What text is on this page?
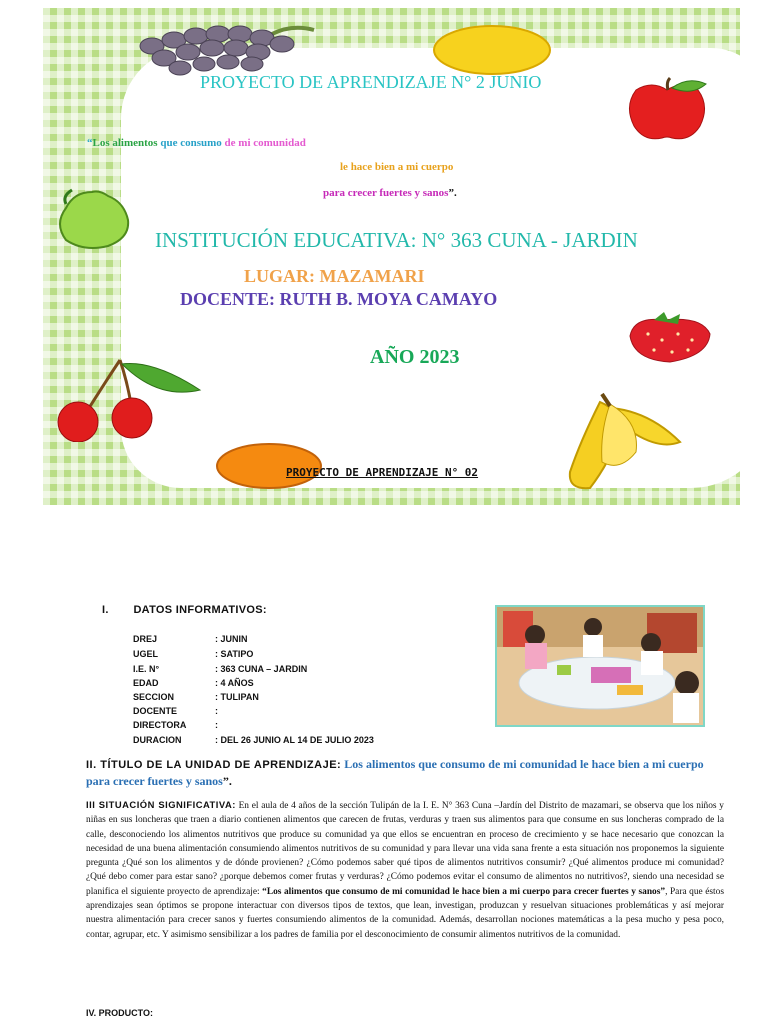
PROYECTO DE APRENDIZAJE N° 2 JUNIO
“Los alimentos que consumo de mi comunidad
le hace bien a mi cuerpo
para crecer fuertes y sanos”.
INSTITUCIÓN EDUCATIVA: N° 363 CUNA - JARDIN
LUGAR: MAZAMARI
DOCENTE: RUTH B. MOYA CAMAYO
AÑO 2023
PROYECTO DE APRENDIZAJE N° 02
I. DATOS INFORMATIVOS:
DREJ	: JUNIN
UGEL	: SATIPO
I.E. N°	: 363 CUNA – JARDIN
EDAD	: 4 AÑOS
SECCION	: TULIPAN
DOCENTE	:
DIRECTORA	:
DURACION	: DEL 26 JUNIO AL 14 DE JULIO 2023
II. TÍTULO DE LA UNIDAD DE APRENDIZAJE: Los alimentos que consumo de mi comunidad le hace bien a mi cuerpo para crecer fuertes y sanos”.
III SITUACIÓN SIGNIFICATIVA: En el aula de 4 años de la sección Tulipán de la I. E. N° 363 Cuna –Jardín del Distrito de mazamari, se observa que los niños y niñas en sus loncheras que traen a diario contienen alimentos que carecen de frutas, verduras y traen sus alimentos para que consume en sus loncheras comprado de la calle, desconociendo los alimentos nutritivos que produce su comunidad ya que ellos se encuentran en proceso de crecimiento y se hace necesario que conozcan la necesidad de una buena alimentación consumiendo alimentos nutritivos de su comunidad y para llevar una vida sana frente a esta situación nos proponemos la siguiente pregunta ¿Qué son los alimentos y de dónde provienen? ¿Cómo podemos saber qué tipos de alimentos nutritivos consumir? ¿Qué alimentos produce mi comunidad? ¿Qué debo comer para estar sano? ¿porque debemos comer frutas y verduras? ¿Cómo podemos evitar el consumo de alimentos no nutritivos?, siendo una necesidad se planifica el siguiente proyecto de aprendizaje: “Los alimentos que consumo de mi comunidad le hace bien a mi cuerpo para crecer fuertes y sanos”, Para que éstos aprendizajes sean óptimos se propone interactuar con diversos tipos de textos, que lean, investigan, produzcan y resuelvan situaciones problemáticas y así mejorar nuestra alimentación para crecer sanos y fuertes consumiendo alimentos de la comunidad. Además, desarrollan nociones matemáticas a la pesa mucho y pesa poco, contar, agrupar, etc. Y asimismo sensibilizar a los padres de familia por el desconocimiento de consumir alimentos nutritivos de la comunidad.
IV. PRODUCTO:
